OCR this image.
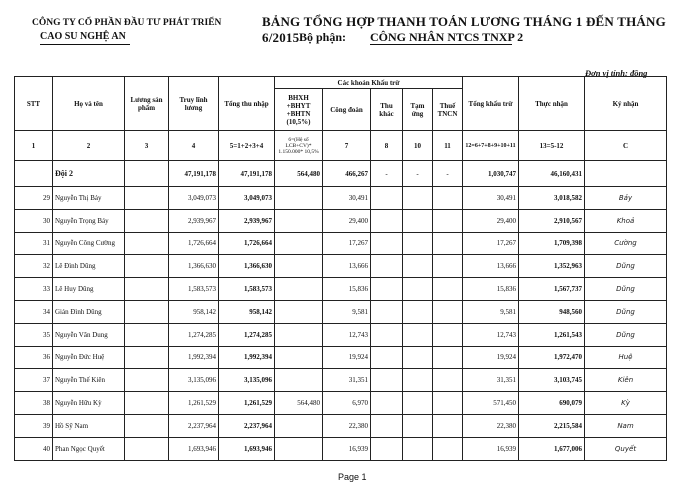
CÔNG TY CỔ PHẦN ĐẦU TƯ PHÁT TRIỂN
CAO SU NGHỆ AN
BẢNG TỔNG HỢP THANH TOÁN LƯƠNG THÁNG 1 ĐẾN THÁNG 6/2015 Bộ phận: CÔNG NHÂN NTCS TNXP 2
Đơn vị tính: đồng
STT	Họ và tên	Lương sản phẩm	Truy lĩnh lương	Tổng thu nhập	Các khoản Khấu trừ					Tổng khấu trừ	Thực nhận	Ký nhận
					BHXH +BHYT +BHTN (10,5%)	Công đoàn	Thu khác	Tạm ứng	Thuế TNCN			
1	2	3	4	5=1+2+3+4	6=(Hệ số LCB+CV)* 1.150.000* 10,5%	7	8	10	11	12=6+7+8+9+10+11	13=5-12	C
	Đội 2		47,191,178	47,191,178	564,480	466,267	-	-	-	1,030,747	46,160,431	
29	Nguyễn Thị Bảy		3,049,073	3,049,073		30,491				30,491	3,018,582	Bảy
30	Nguyễn Trọng Bảy		2,939,967	2,939,967		29,400				29,400	2,910,567	Khoả
31	Nguyễn Công Cường		1,726,664	1,726,664		17,267				17,267	1,709,398	Cường
32	Lê Đình Dũng		1,366,630	1,366,630		13,666				13,666	1,352,963	Dũng
33	Lê Huy Dũng		1,583,573	1,583,573		15,836				15,836	1,567,737	Dũng
34	Giản Đình Dũng		958,142	958,142		9,581				9,581	948,560	Dũng
35	Nguyễn Văn Dung		1,274,285	1,274,285		12,743				12,743	1,261,543	Dũng
36	Nguyễn Đức Huệ		1,992,394	1,992,394		19,924				19,924	1,972,470	Huệ
37	Nguyễn Thế Kiên		3,135,096	3,135,096		31,351				31,351	3,103,745	Kiên
38	Nguyễn Hữu Kỳ		1,261,529	1,261,529	564,480	6,970				571,450	690,079	Kỳ
39	Hồ Sỹ Nam		2,237,964	2,237,964		22,380				22,380	2,215,584	Nam
40	Phan Ngọc Quyết		1,693,946	1,693,946		16,939				16,939	1,677,006	Quyết
Page 1
